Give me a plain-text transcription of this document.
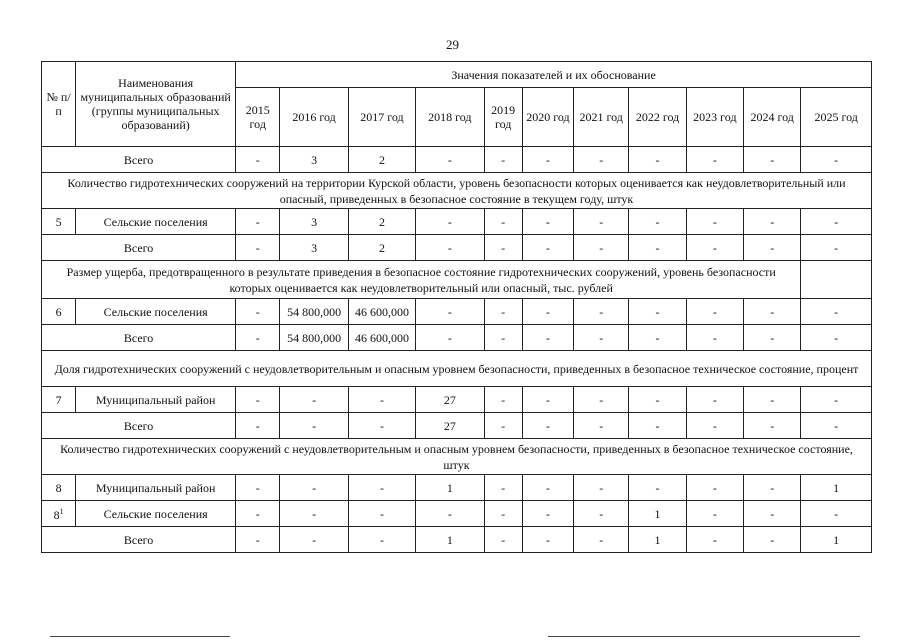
29
№ п/п	Наименования муниципальных образований (группы муниципальных образований)	Значения показателей и их обоснование										
		2015 год	2016 год	2017 год	2018 год	2019 год	2020 год	2021 год	2022 год	2023 год	2024 год	2025 год
Всего		-	3	2	-	-	-	-	-	-	-	-
Количество гидротехнических сооружений на территории Курской области, уровень безопасности которых оценивается как неудовлетворительный или опасный, приведенных в безопасное состояние в текущем году, штук												
5	Сельские поселения	-	3	2	-	-	-	-	-	-	-	-
Всего		-	3	2	-	-	-	-	-	-	-	-
Размер ущерба, предотвращенного в результате приведения в безопасное состояние гидротехнических сооружений, уровень безопасности которых оценивается как неудовлетворительный или опасный, тыс. рублей												
6	Сельские поселения	-	54 800,000	46 600,000	-	-	-	-	-	-	-	-
Всего		-	54 800,000	46 600,000	-	-	-	-	-	-	-	-
Доля гидротехнических сооружений с неудовлетворительным и опасным уровнем безопасности, приведенных в безопасное техническое состояние, процент												
7	Муниципальный район	-	-	-	27	-	-	-	-	-	-	-
Всего		-	-	-	27	-	-	-	-	-	-	-
Количество гидротехнических сооружений с неудовлетворительным и опасным уровнем безопасности, приведенных в безопасное техническое состояние, штук												
8	Муниципальный район	-	-	-	1	-	-	-	-	-	-	1
$8^1$	Сельские поселения	-	-	-	-	-	-	-	1	-	-	-
Всего		-	-	-	1	-	-	-	1	-	-	1
